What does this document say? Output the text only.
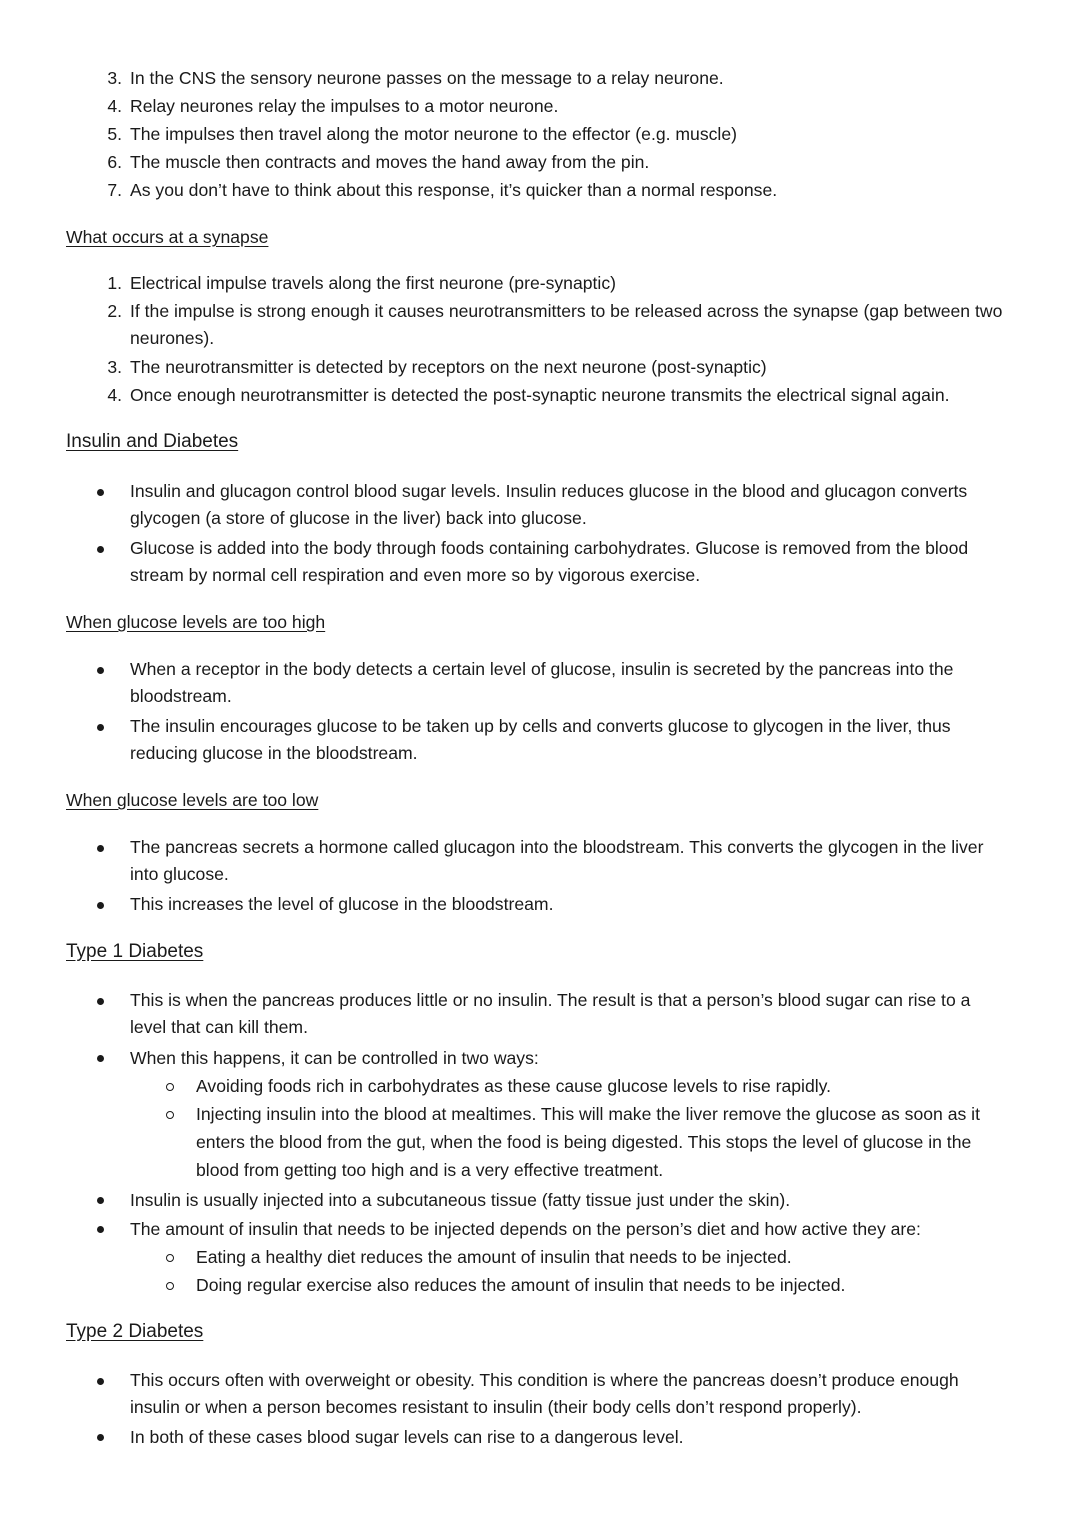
3. In the CNS the sensory neurone passes on the message to a relay neurone.
4. Relay neurones relay the impulses to a motor neurone.
5. The impulses then travel along the motor neurone to the effector (e.g. muscle)
6. The muscle then contracts and moves the hand away from the pin.
7. As you don’t have to think about this response, it’s quicker than a normal response.
What occurs at a synapse
1. Electrical impulse travels along the first neurone (pre-synaptic)
2. If the impulse is strong enough it causes neurotransmitters to be released across the synapse (gap between two neurones).
3. The neurotransmitter is detected by receptors on the next neurone (post-synaptic)
4. Once enough neurotransmitter is detected the post-synaptic neurone transmits the electrical signal again.
Insulin and Diabetes
Insulin and glucagon control blood sugar levels. Insulin reduces glucose in the blood and glucagon converts glycogen (a store of glucose in the liver) back into glucose.
Glucose is added into the body through foods containing carbohydrates. Glucose is removed from the blood stream by normal cell respiration and even more so by vigorous exercise.
When glucose levels are too high
When a receptor in the body detects a certain level of glucose, insulin is secreted by the pancreas into the bloodstream.
The insulin encourages glucose to be taken up by cells and converts glucose to glycogen in the liver, thus reducing glucose in the bloodstream.
When glucose levels are too low
The pancreas secrets a hormone called glucagon into the bloodstream. This converts the glycogen in the liver into glucose.
This increases the level of glucose in the bloodstream.
Type 1 Diabetes
This is when the pancreas produces little or no insulin. The result is that a person’s blood sugar can rise to a level that can kill them.
When this happens, it can be controlled in two ways:
Avoiding foods rich in carbohydrates as these cause glucose levels to rise rapidly.
Injecting insulin into the blood at mealtimes. This will make the liver remove the glucose as soon as it enters the blood from the gut, when the food is being digested. This stops the level of glucose in the blood from getting too high and is a very effective treatment.
Insulin is usually injected into a subcutaneous tissue (fatty tissue just under the skin).
The amount of insulin that needs to be injected depends on the person’s diet and how active they are:
Eating a healthy diet reduces the amount of insulin that needs to be injected.
Doing regular exercise also reduces the amount of insulin that needs to be injected.
Type 2 Diabetes
This occurs often with overweight or obesity. This condition is where the pancreas doesn’t produce enough insulin or when a person becomes resistant to insulin (their body cells don’t respond properly).
In both of these cases blood sugar levels can rise to a dangerous level.
